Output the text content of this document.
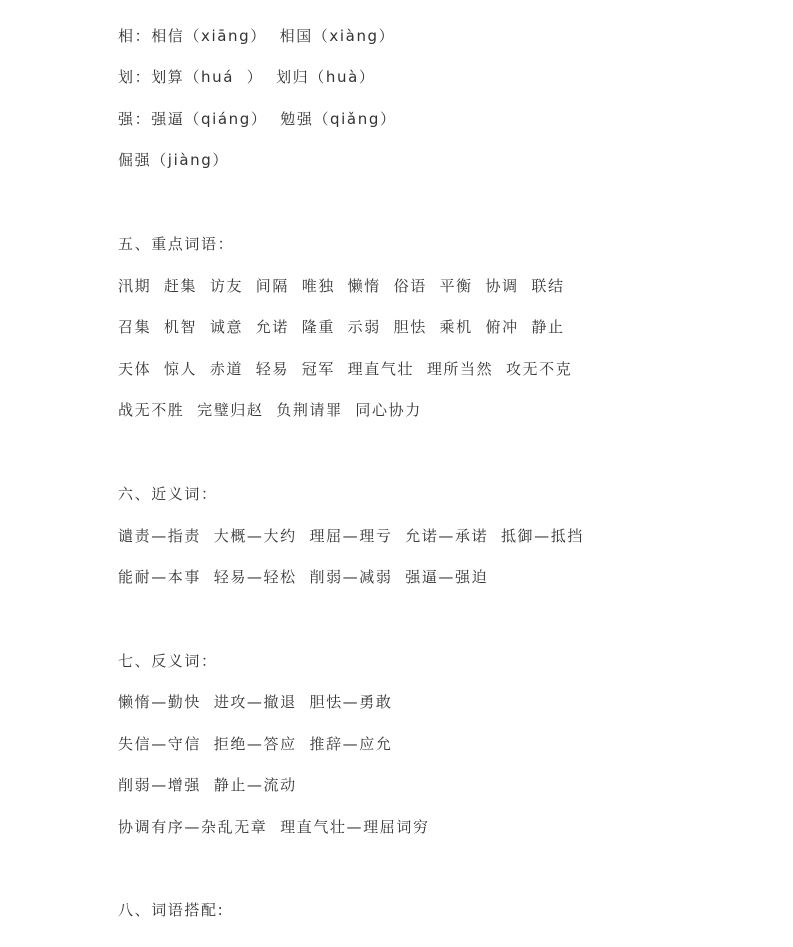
相：相信（xiāng）  相国（xiàng）
划：划算（huá  ）  划归（huà）
强：强逼（qiáng）  勉强（qiǎng）
倔强（jiàng）
五、重点词语：
汛期  赶集  访友  间隔  唯独  懒惰  俗语  平衡  协调  联结
召集  机智  诚意  允诺  隆重  示弱  胆怯  乘机  俯冲  静止
天体  惊人  赤道  轻易  冠军  理直气壮  理所当然  攻无不克
战无不胜  完璧归赵  负荆请罪  同心协力
六、近义词：
谴责—指责  大概—大约  理屈—理亏  允诺—承诺  抵御—抵挡
能耐—本事  轻易—轻松  削弱—减弱  强逼—强迫
七、反义词：
懒惰—勤快  进攻—撤退  胆怯—勇敢
失信—守信  拒绝—答应  推辞—应允
削弱—增强  静止—流动
协调有序—杂乱无章  理直气壮—理屈词穷
八、词语搭配:
